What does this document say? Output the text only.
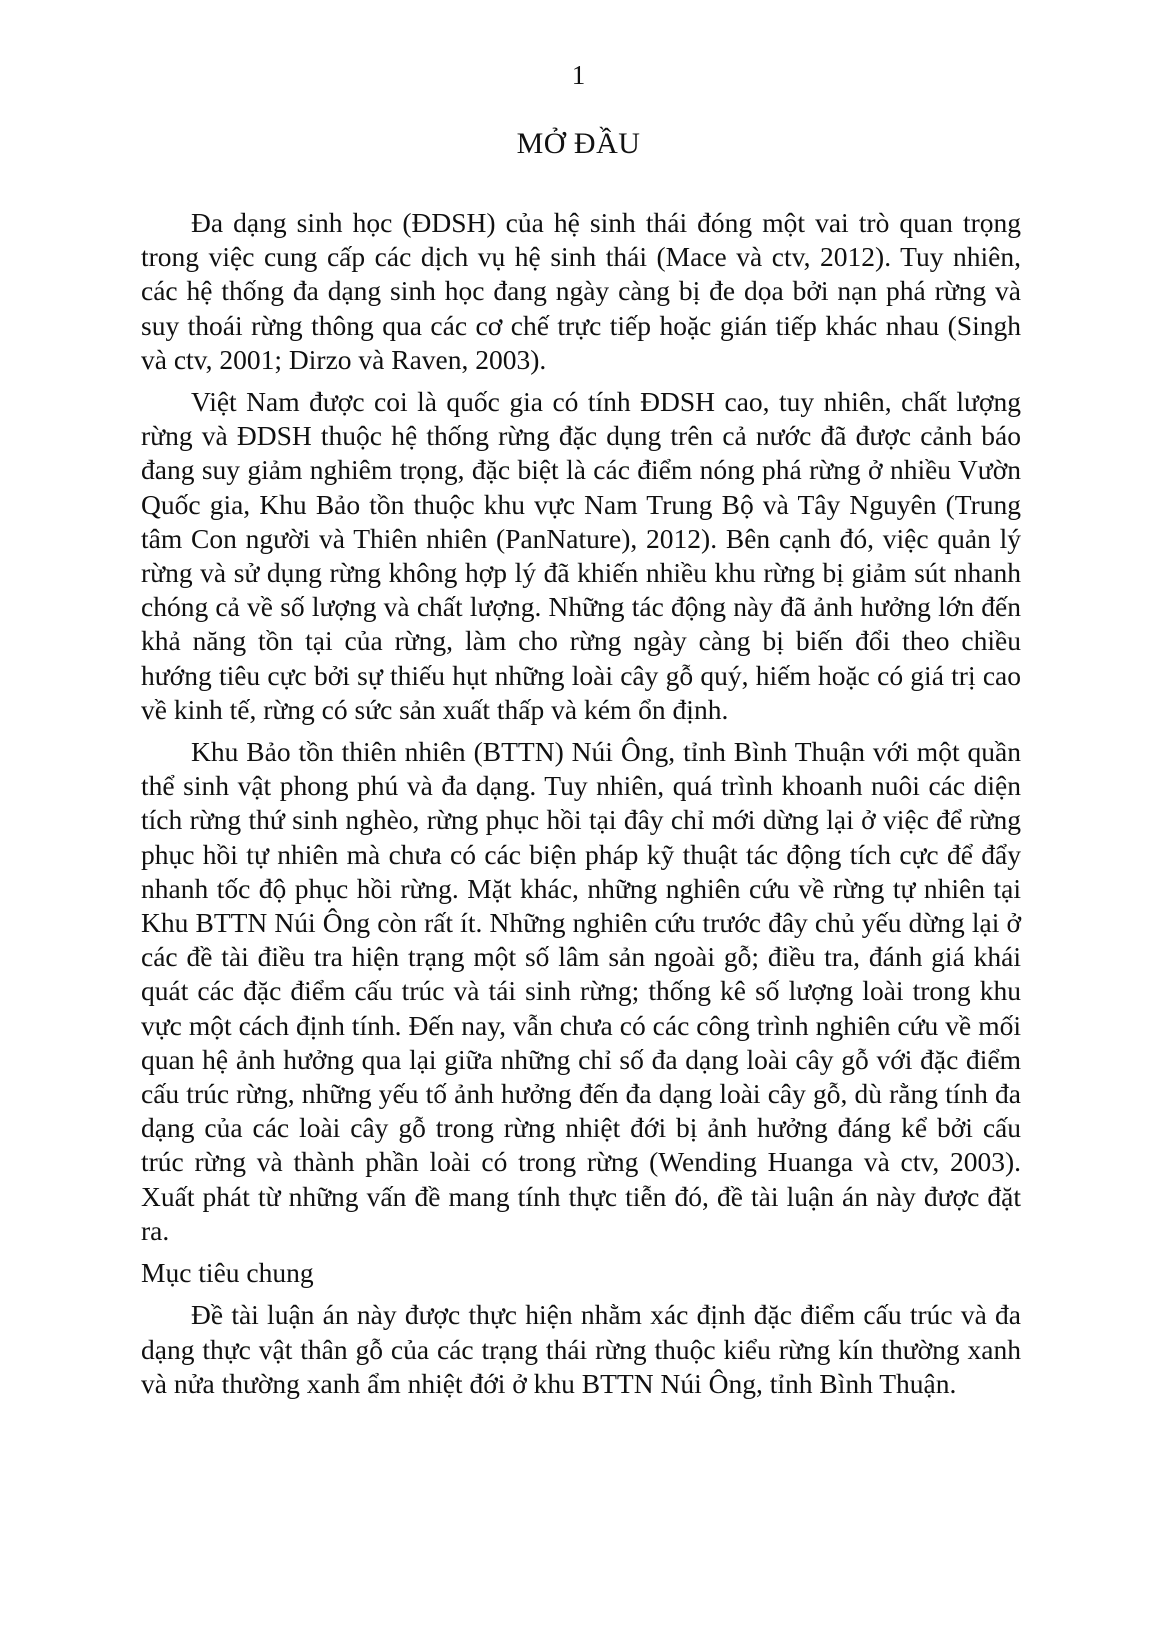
1
MỞ ĐẦU

Đa dạng sinh học (ĐDSH) của hệ sinh thái đóng một vai trò quan trọng trong việc cung cấp các dịch vụ hệ sinh thái (Mace và ctv, 2012). Tuy nhiên, các hệ thống đa dạng sinh học đang ngày càng bị đe dọa bởi nạn phá rừng và suy thoái rừng thông qua các cơ chế trực tiếp hoặc gián tiếp khác nhau (Singh và ctv, 2001; Dirzo và Raven, 2003).

Việt Nam được coi là quốc gia có tính ĐDSH cao, tuy nhiên, chất lượng rừng và ĐDSH thuộc hệ thống rừng đặc dụng trên cả nước đã được cảnh báo đang suy giảm nghiêm trọng, đặc biệt là các điểm nóng phá rừng ở nhiều Vườn Quốc gia, Khu Bảo tồn thuộc khu vực Nam Trung Bộ và Tây Nguyên (Trung tâm Con người và Thiên nhiên (PanNature), 2012). Bên cạnh đó, việc quản lý rừng và sử dụng rừng không hợp lý đã khiến nhiều khu rừng bị giảm sút nhanh chóng cả về số lượng và chất lượng. Những tác động này đã ảnh hưởng lớn đến khả năng tồn tại của rừng, làm cho rừng ngày càng bị biến đổi theo chiều hướng tiêu cực bởi sự thiếu hụt những loài cây gỗ quý, hiếm hoặc có giá trị cao về kinh tế, rừng có sức sản xuất thấp và kém ổn định.

Khu Bảo tồn thiên nhiên (BTTN) Núi Ông, tỉnh Bình Thuận với một quần thể sinh vật phong phú và đa dạng. Tuy nhiên, quá trình khoanh nuôi các diện tích rừng thứ sinh nghèo, rừng phục hồi tại đây chỉ mới dừng lại ở việc để rừng phục hồi tự nhiên mà chưa có các biện pháp kỹ thuật tác động tích cực để đẩy nhanh tốc độ phục hồi rừng. Mặt khác, những nghiên cứu về rừng tự nhiên tại Khu BTTN Núi Ông còn rất ít. Những nghiên cứu trước đây chủ yếu dừng lại ở các đề tài điều tra hiện trạng một số lâm sản ngoài gỗ; điều tra, đánh giá khái quát các đặc điểm cấu trúc và tái sinh rừng; thống kê số lượng loài trong khu vực một cách định tính. Đến nay, vẫn chưa có các công trình nghiên cứu về mối quan hệ ảnh hưởng qua lại giữa những chỉ số đa dạng loài cây gỗ với đặc điểm cấu trúc rừng, những yếu tố ảnh hưởng đến đa dạng loài cây gỗ, dù rằng tính đa dạng của các loài cây gỗ trong rừng nhiệt đới bị ảnh hưởng đáng kể bởi cấu trúc rừng và thành phần loài có trong rừng (Wending Huanga và ctv, 2003). Xuất phát từ những vấn đề mang tính thực tiễn đó, đề tài luận án này được đặt ra.

Mục tiêu chung

Đề tài luận án này được thực hiện nhằm xác định đặc điểm cấu trúc và đa dạng thực vật thân gỗ của các trạng thái rừng thuộc kiểu rừng kín thường xanh và nửa thường xanh ẩm nhiệt đới ở khu BTTN Núi Ông, tỉnh Bình Thuận.
